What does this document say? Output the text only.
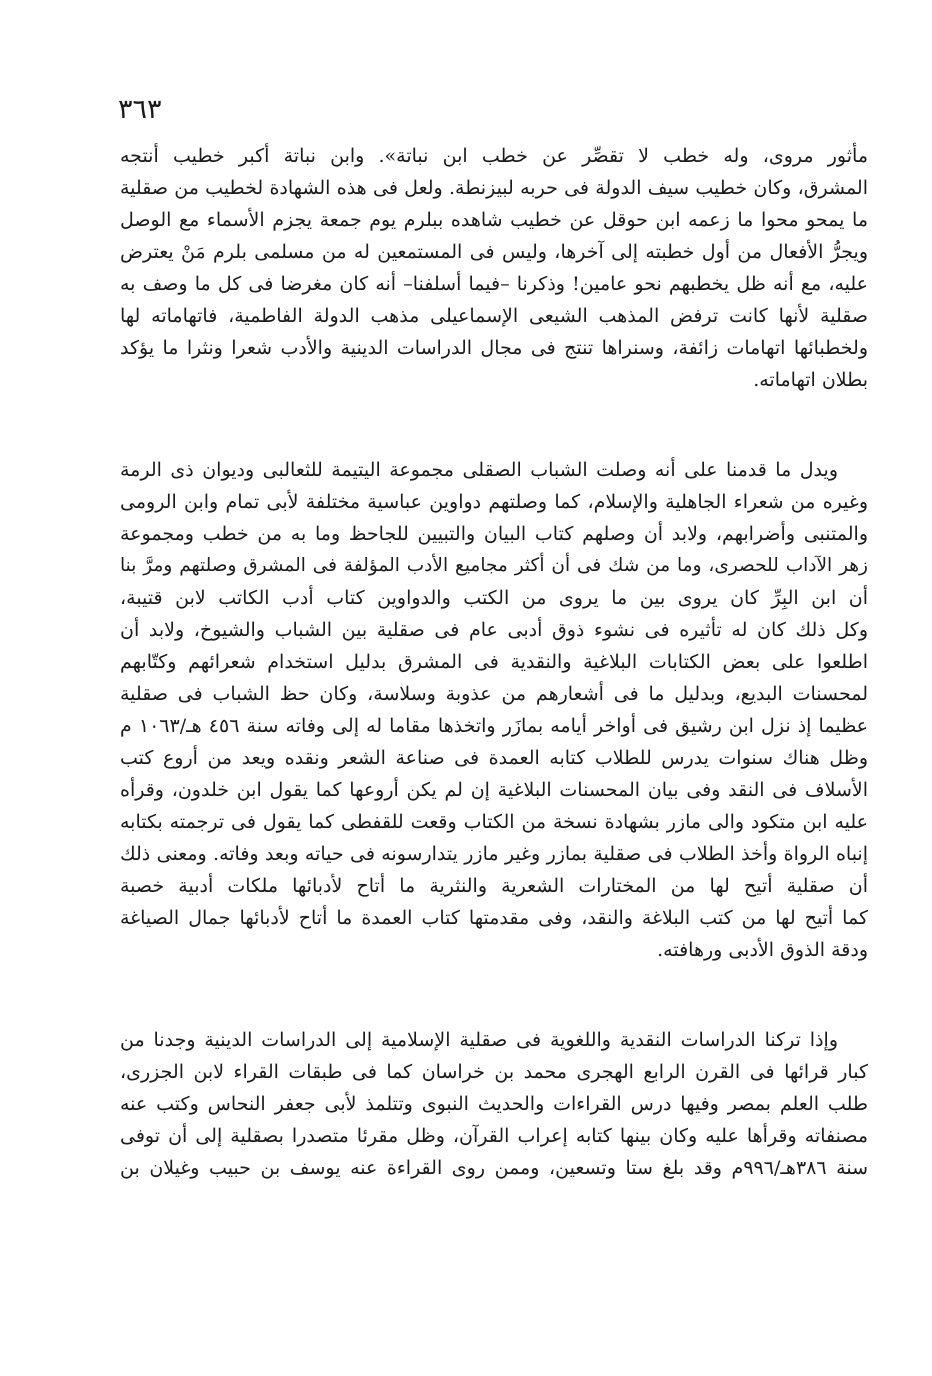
٣٦٣
مأثور مروى، وله خطب لا تقصِّر عن خطب ابن نباتة». وابن نباتة أكبر خطيب أنتجه
المشرق، وكان خطيب سيف الدولة فى حربه لبيزنطة. ولعل فى هذه الشهادة لخطيب من صقلية
ما يمحو محوا ما زعمه ابن حوقل عن خطيب شاهده ببلرم يوم جمعة يجزم الأسماء مع الوصل
ويجرُّ الأفعال من أول خطبته إلى آخرها، وليس فى المستمعين له من مسلمى بلرم مَنْ يعترض
عليه، مع أنه ظل يخطبهم نحو عامين! وذكرنا –فيما أسلفنا– أنه كان مغرضا فى كل ما وصف به
صقلية لأنها كانت ترفض المذهب الشيعى الإسماعيلى مذهب الدولة الفاطمية، فاتهاماته لها
ولخطبائها اتهامات زائفة، وسنراها تنتج فى مجال الدراسات الدينية والأدب شعرا ونثرا ما يؤكد
بطلان اتهاماته.
ويدل ما قدمنا على أنه وصلت الشباب الصقلى مجموعة اليتيمة للثعالبى وديوان ذى الرمة
وغيره من شعراء الجاهلية والإسلام، كما وصلتهم دواوين عباسية مختلفة لأبى تمام وابن الرومى
والمتنبى وأضرابهم، ولابد أن وصلهم كتاب البيان والتبيين للجاحظ وما به من خطب ومجموعة
زهر الآداب للحصرى، وما من شك فى أن أكثر مجاميع الأدب المؤلفة فى المشرق وصلتهم ومرَّ بنا
أن ابن البِرِّ كان يروى بين ما يروى من الكتب والدواوين كتاب أدب الكاتب لابن قتيبة،
وكل ذلك كان له تأثيره فى نشوء ذوق أدبى عام فى صقلية بين الشباب والشيوخ، ولابد أن
اطلعوا على بعض الكتابات البلاغية والنقدية فى المشرق بدليل استخدام شعرائهم وكتّابهم
لمحسنات البديع، وبدليل ما فى أشعارهم من عذوبة وسلاسة، وكان حظ الشباب فى صقلية
عظيما إذ نزل ابن رشيق فى أواخر أيامه بمازَر واتخذها مقاما له إلى وفاته سنة ٤٥٦ هـ/١٠٦٣ م
وظل هناك سنوات يدرس للطلاب كتابه العمدة فى صناعة الشعر ونقده ويعد من أروع كتب
الأسلاف فى النقد وفى بيان المحسنات البلاغية إن لم يكن أروعها كما يقول ابن خلدون، وقرأه
عليه ابن متكود والى مازر بشهادة نسخة من الكتاب وقعت للقفطى كما يقول فى ترجمته بكتابه
إنباه الرواة وأخذ الطلاب فى صقلية بمازر وغير مازر يتدارسونه فى حياته وبعد وفاته. ومعنى ذلك
أن صقلية أتيح لها من المختارات الشعرية والنثرية ما أتاح لأدبائها ملكات أدبية خصبة
كما أتيح لها من كتب البلاغة والنقد، وفى مقدمتها كتاب العمدة ما أتاح لأدبائها جمال الصياغة
ودقة الذوق الأدبى ورهافته.
وإذا تركنا الدراسات النقدية واللغوية فى صقلية الإسلامية إلى الدراسات الدينية وجدنا من
كبار قرائها فى القرن الرابع الهجرى محمد بن خراسان كما فى طبقات القراء لابن الجزرى،
طلب العلم بمصر وفيها درس القراءات والحديث النبوى وتتلمذ لأبى جعفر النحاس وكتب عنه
مصنفاته وقرأها عليه وكان بينها كتابه إعراب القرآن، وظل مقرئا متصدرا بصقلية إلى أن توفى
سنة ٣٨٦هـ/٩٩٦م وقد بلغ ستا وتسعين، وممن روى القراءة عنه يوسف بن حبيب وغيلان بن
